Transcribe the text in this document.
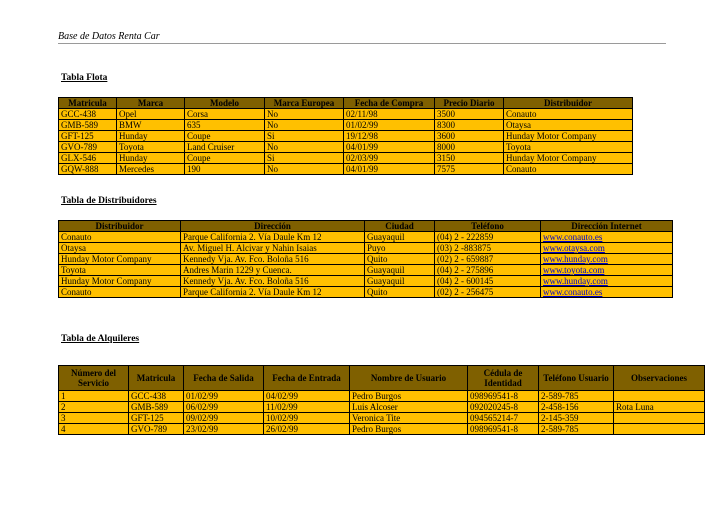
Base de Datos Renta Car
Tabla Flota
Matricula	Marca	Modelo	Marca Europea	Fecha de Compra	Precio Diario	Distribuidor
GCC-438	Opel	Corsa	No	02/11/98	3500	Conauto
GMB-589	BMW	635	No	01/02/99	8300	Otaysa
GFT-125	Hunday	Coupe	Si	19/12/98	3600	Hunday Motor Company
GVO-789	Toyota	Land Cruiser	No	04/01/99	8000	Toyota
GLX-546	Hunday	Coupe	Si	02/03/99	3150	Hunday Motor Company
GQW-888	Mercedes	190	No	04/01/99	7575	Conauto
Tabla de Distribuidores
Distribuidor	Dirección	Ciudad	Teléfono	Dirección Internet
Conauto	Parque California 2. Vía Daule Km 12	Guayaquil	(04) 2 - 222859	www.conauto.es
Otaysa	Av. Miguel H. Alcivar y Nahin Isaias	Puyo	(03) 2 -883875	www.otaysa.com
Hunday Motor Company	Kennedy Vja. Av. Fco. Boloña 516	Quito	(02) 2 - 659887	www.hunday.com
Toyota	Andres Marin 1229 y Cuenca.	Guayaquil	(04) 2 - 275896	www.toyota.com
Hunday Motor Company	Kennedy Vja. Av. Fco. Boloña 516	Guayaquil	(04) 2 - 600145	www.hunday.com
Conauto	Parque California 2. Vía Daule Km 12	Quito	(02) 2 - 256475	www.conauto.es
Tabla de Alquileres
Número del Servicio	Matricula	Fecha de Salida	Fecha de Entrada	Nombre de Usuario	Cédula de Identidad	Teléfono Usuario	Observaciones
1	GCC-438	01/02/99	04/02/99	Pedro Burgos	098969541-8	2-589-785	
2	GMB-589	06/02/99	11/02/99	Luis Alcoser	092020245-8	2-458-156	Rota Luna
3	GFT-125	09/02/99	10/02/99	Veronica Tite	094565214-7	2-145-359	
4	GVO-789	23/02/99	26/02/99	Pedro Burgos	098969541-8	2-589-785	
